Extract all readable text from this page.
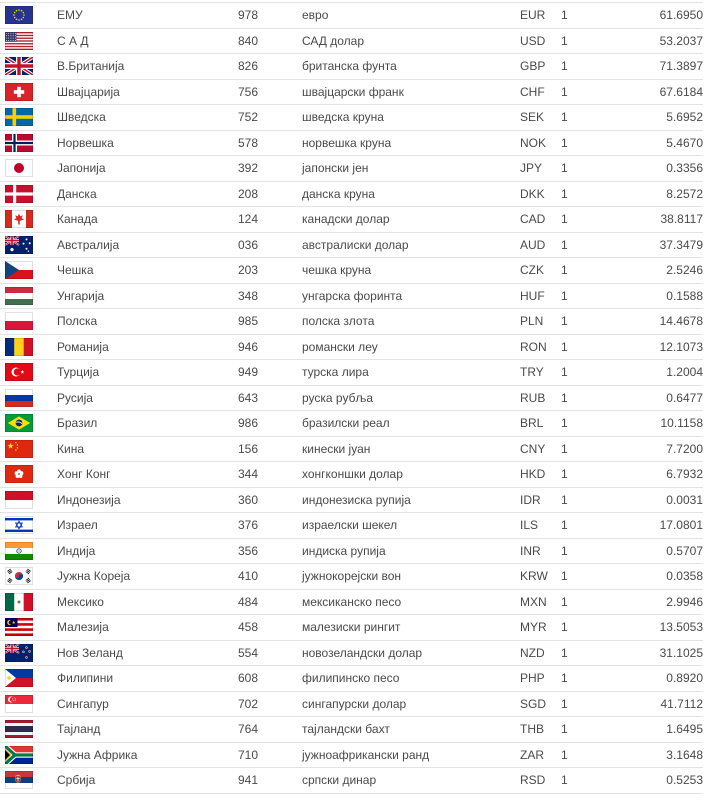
	ЕМУ	978	евро	EUR	1	61.6950

	С А Д	840	САД долар	USD	1	53.2037

	В.Британија	826	британска фунта	GBP	1	71.3897

	Швајцарија	756	швајцарски франк	CHF	1	67.6184

	Шведска	752	шведска круна	SEK	1	5.6952

	Норвешка	578	норвешка круна	NOK	1	5.4670

	Јапонија	392	јапонски јен	JPY	1	0.3356

	Данска	208	данска круна	DKK	1	8.2572

	Канада	124	канадски долар	CAD	1	38.8117

	Австралија	036	австралиски долар	AUD	1	37.3479

	Чешка	203	чешка круна	CZK	1	2.5246

	Унгарија	348	унгарска форинта	HUF	1	0.1588

	Полска	985	полска злота	PLN	1	14.4678

	Романија	946	романски леу	RON	1	12.1073

	Турција	949	турска лира	TRY	1	1.2004

	Русија	643	руска рубља	RUB	1	0.6477

	Бразил	986	бразилски реал	BRL	1	10.1158

	Кина	156	кинески јуан	CNY	1	7.7200

	Хонг Конг	344	хонгконшки долар	HKD	1	6.7932

	Индонезија	360	индонезиска рупија	IDR	1	0.0031

	Израел	376	израелски шекел	ILS	1	17.0801

	Индија	356	индиска рупија	INR	1	0.5707

	Јужна Кореја	410	јужнокорејски вон	KRW	1	0.0358

	Мексико	484	мексиканско песо	MXN	1	2.9946

	Малезија	458	малезиски рингит	MYR	1	13.5053

	Нов Зеланд	554	новозеландски долар	NZD	1	31.1025

	Филипини	608	филипинско песо	PHP	1	0.8920

	Сингапур	702	сингапурски долар	SGD	1	41.7112

	Тајланд	764	тајландски бахт	THB	1	1.6495

	Јужна Африка	710	јужноафрикански ранд	ZAR	1	3.1648

	Србија	941	српски динар	RSD	1	0.5253
